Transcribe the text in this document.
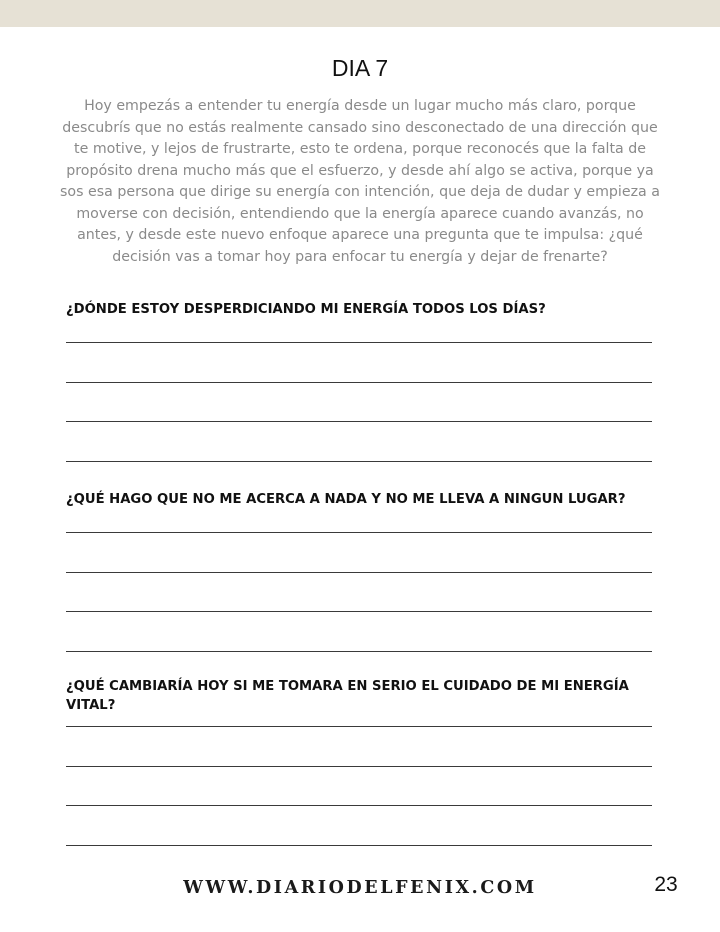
DIA 7

Hoy empezás a entender tu energía desde un lugar mucho más claro, porque descubrís que no estás realmente cansado sino desconectado de una dirección que te motive, y lejos de frustrarte, esto te ordena, porque reconocés que la falta de propósito drena mucho más que el esfuerzo, y desde ahí algo se activa, porque ya sos esa persona que dirige su energía con intención, que deja de dudar y empieza a moverse con decisión, entendiendo que la energía aparece cuando avanzás, no antes, y desde este nuevo enfoque aparece una pregunta que te impulsa: ¿qué decisión vas a tomar hoy para enfocar tu energía y dejar de frenarte?

¿DÓNDE ESTOY DESPERDICIANDO MI ENERGÍA TODOS LOS DÍAS?

¿QUÉ HAGO QUE NO ME ACERCA A NADA Y NO ME LLEVA A NINGUN LUGAR?

¿QUÉ CAMBIARÍA HOY SI ME TOMARA EN SERIO EL CUIDADO DE MI ENERGÍA VITAL?

WWW.DIARIODELFENIX.COM	23
